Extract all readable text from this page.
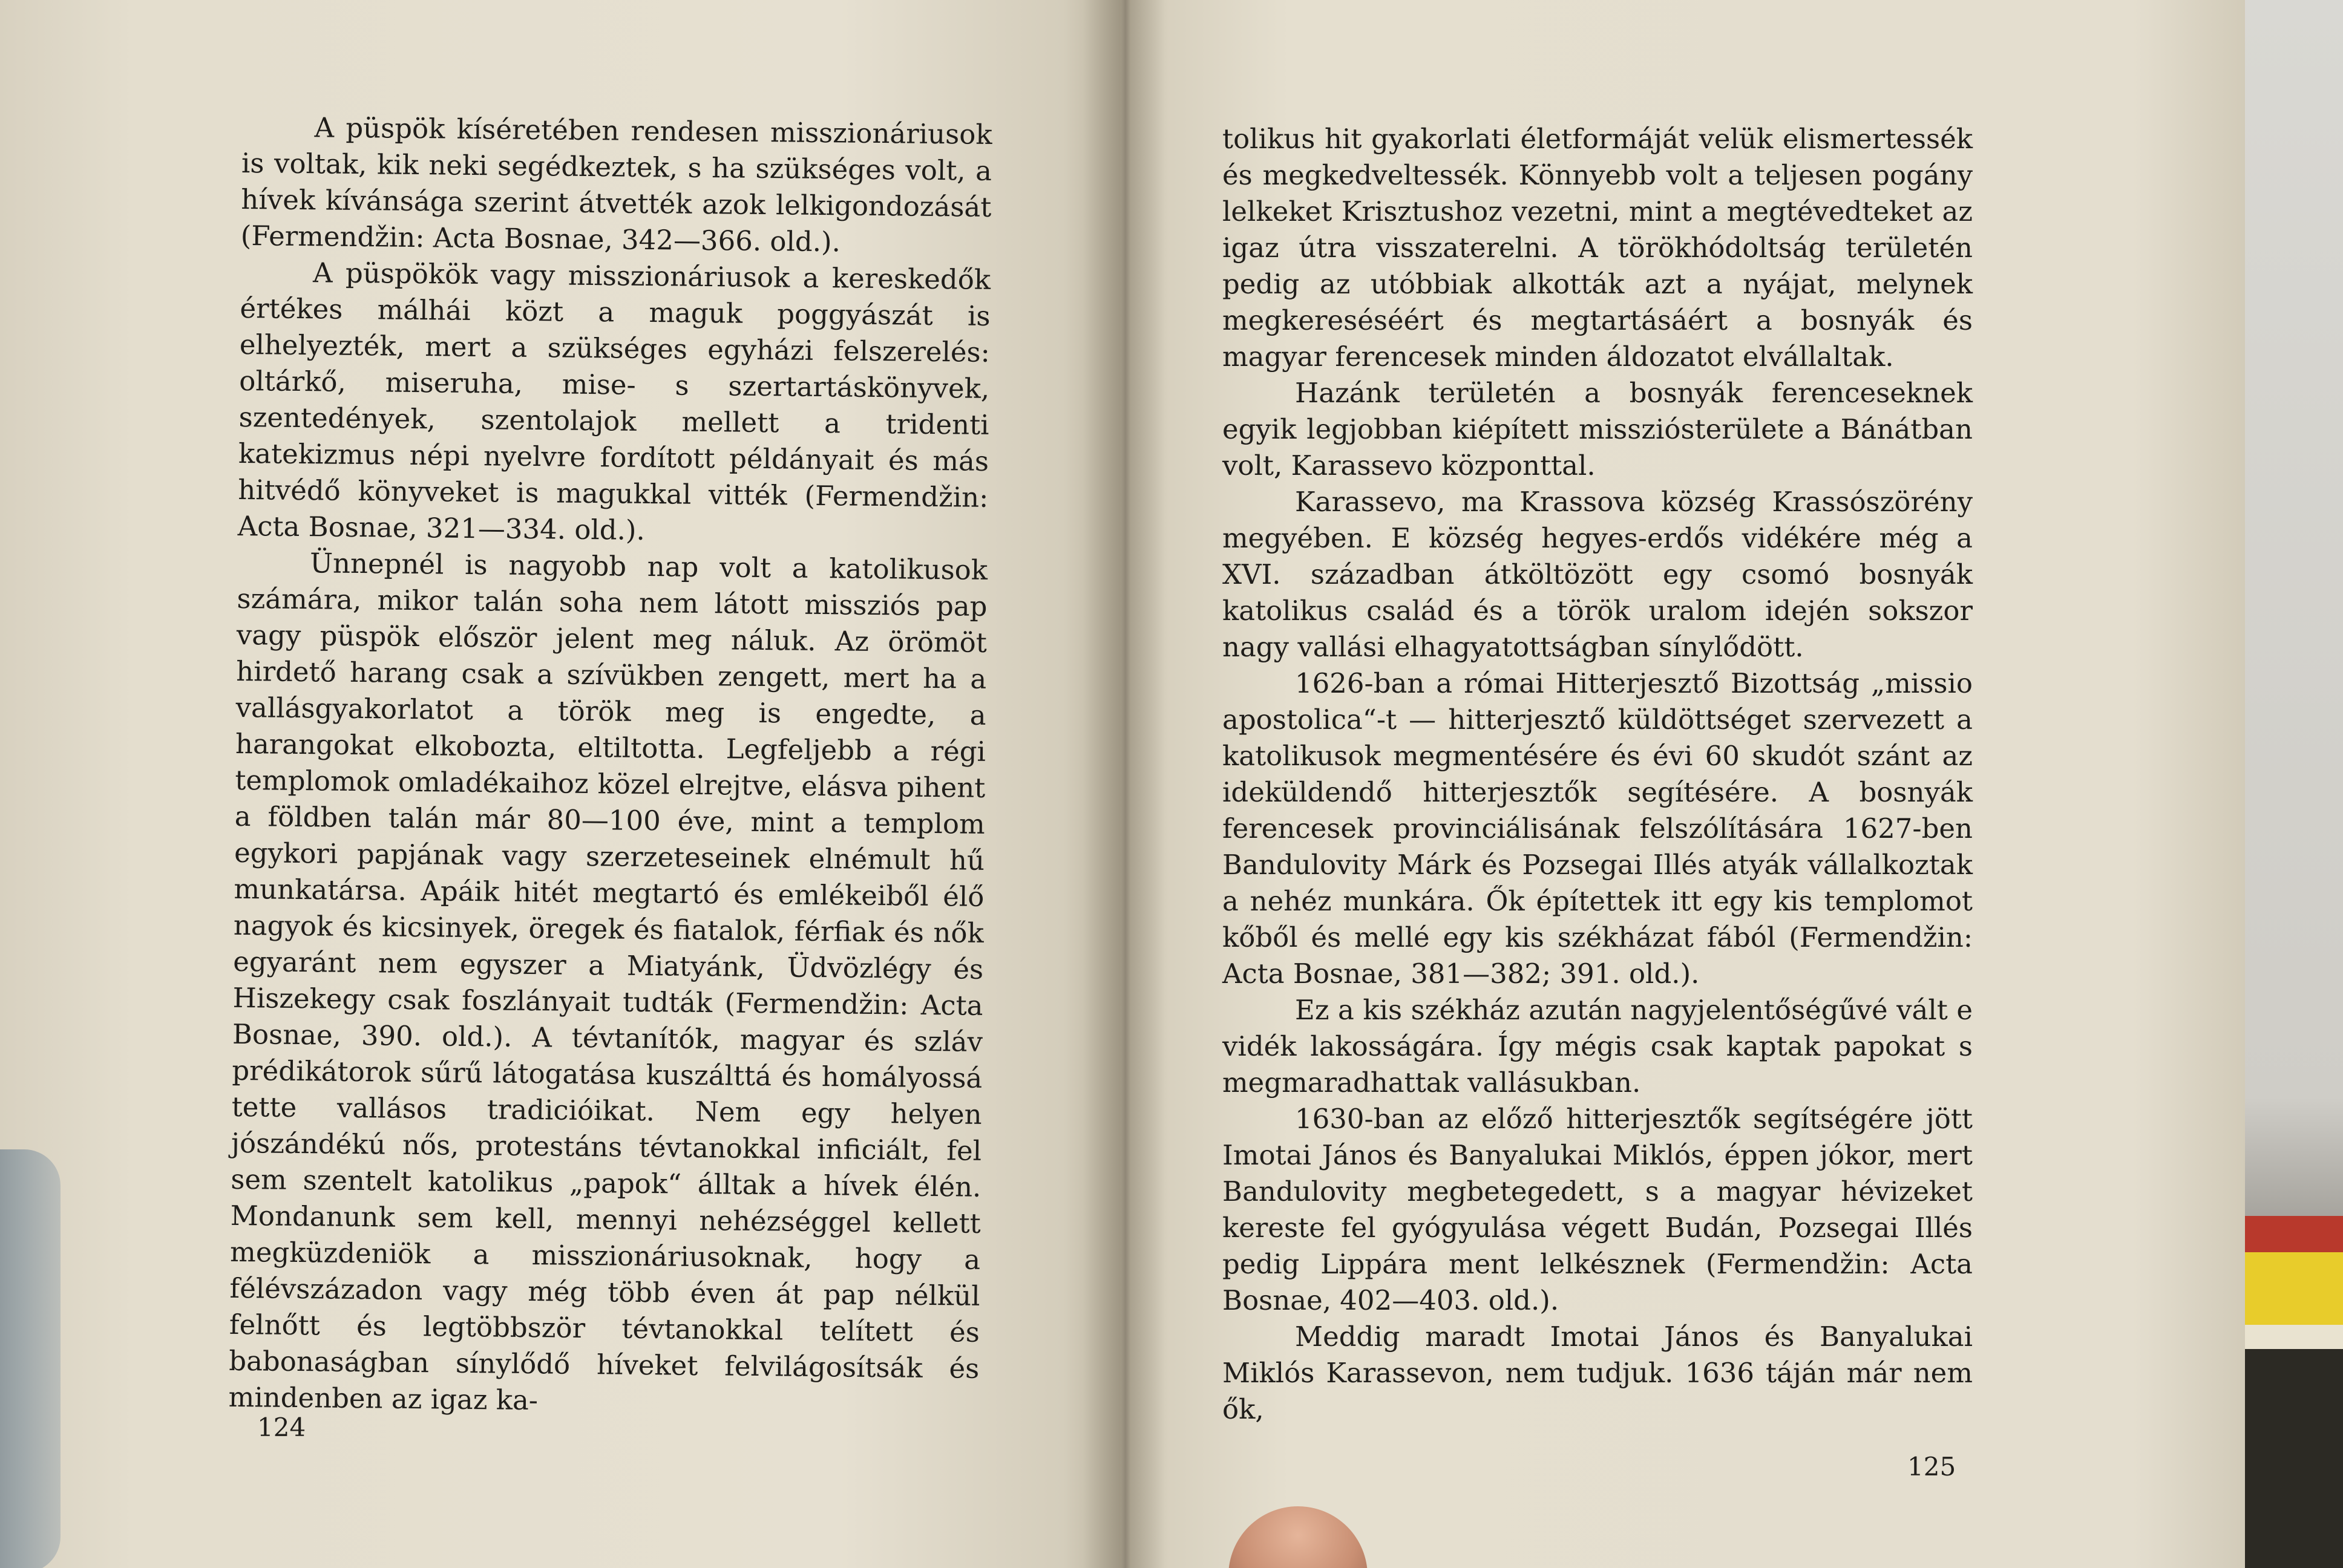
A püspök kíséretében rendesen misszionáriusok is voltak, kik neki segédkeztek, s ha szükséges volt, a hívek kívánsága szerint átvették azok lelkigondozását (Fermendžin: Acta Bosnae, 342—366. old.).

A püspökök vagy misszionáriusok a kereskedők értékes málhái közt a maguk poggyászát is elhelyezték, mert a szükséges egyházi felszerelés: oltárkő, miseruha, mise- s szertartáskönyvek, szentedények, szentolajok mellett a tridenti katekizmus népi nyelvre fordított példányait és más hitvédő könyveket is magukkal vitték (Fermendžin: Acta Bosnae, 321—334. old.).

Ünnepnél is nagyobb nap volt a katolikusok számára, mikor talán soha nem látott missziós pap vagy püspök először jelent meg náluk. Az örömöt hirdető harang csak a szívükben zengett, mert ha a vallásgyakorlatot a török meg is engedte, a harangokat elkobozta, eltiltotta. Legfeljebb a régi templomok omladékaihoz közel elrejtve, elásva pihent a földben talán már 80—100 éve, mint a templom egykori papjának vagy szerzeteseinek elnémult hű munkatársa. Apáik hitét megtartó és emlékeiből élő nagyok és kicsinyek, öregek és fiatalok, férfiak és nők egyaránt nem egyszer a Miatyánk, Üdvözlégy és Hiszekegy csak foszlányait tudták (Fermendžin: Acta Bosnae, 390. old.). A tévtanítók, magyar és szláv prédikátorok sűrű látogatása kuszálttá és homályossá tette vallásos tradicióikat. Nem egy helyen jószándékú nős, protestáns tévtanokkal inficiált, fel sem szentelt katolikus „papok“ álltak a hívek élén. Mondanunk sem kell, mennyi nehézséggel kellett megküzdeniök a misszionáriusoknak, hogy a félévszázadon vagy még több éven át pap nélkül felnőtt és legtöbbször tévtanokkal telített és babonaságban sínylődő híveket felvilágosítsák és mindenben az igaz ka-

124

tolikus hit gyakorlati életformáját velük elismertessék és megkedveltessék. Könnyebb volt a teljesen pogány lelkeket Krisztushoz vezetni, mint a megtévedteket az igaz útra visszaterelni. A törökhódoltság területén pedig az utóbbiak alkották azt a nyájat, melynek megkereséséért és megtartásáért a bosnyák és magyar ferencesek minden áldozatot elvállaltak.

Hazánk területén a bosnyák ferenceseknek egyik legjobban kiépített missziósterülete a Bánátban volt, Karassevo központtal.

Karassevo, ma Krassova község Krassószörény megyében. E község hegyes-erdős vidékére még a XVI. században átköltözött egy csomó bosnyák katolikus család és a török uralom idején sokszor nagy vallási elhagyatottságban sínylődött.

1626-ban a római Hitterjesztő Bizottság „missio apostolica“-t — hitterjesztő küldöttséget szervezett a katolikusok megmentésére és évi 60 skudót szánt az ideküldendő hitterjesztők segítésére. A bosnyák ferencesek provinciálisának felszólítására 1627-ben Bandulovity Márk és Pozsegai Illés atyák vállalkoztak a nehéz munkára. Ők építettek itt egy kis templomot kőből és mellé egy kis székházat fából (Fermendžin: Acta Bosnae, 381—382; 391. old.).

Ez a kis székház azután nagyjelentőségűvé vált e vidék lakosságára. Így mégis csak kaptak papokat s megmaradhattak vallásukban.

1630-ban az előző hitterjesztők segítségére jött Imotai János és Banyalukai Miklós, éppen jókor, mert Bandulovity megbetegedett, s a magyar hévizeket kereste fel gyógyulása végett Budán, Pozsegai Illés pedig Lippára ment lelkésznek (Fermendžin: Acta Bosnae, 402—403. old.).

Meddig maradt Imotai János és Banyalukai Miklós Karassevon, nem tudjuk. 1636 táján már nem ők,

125
